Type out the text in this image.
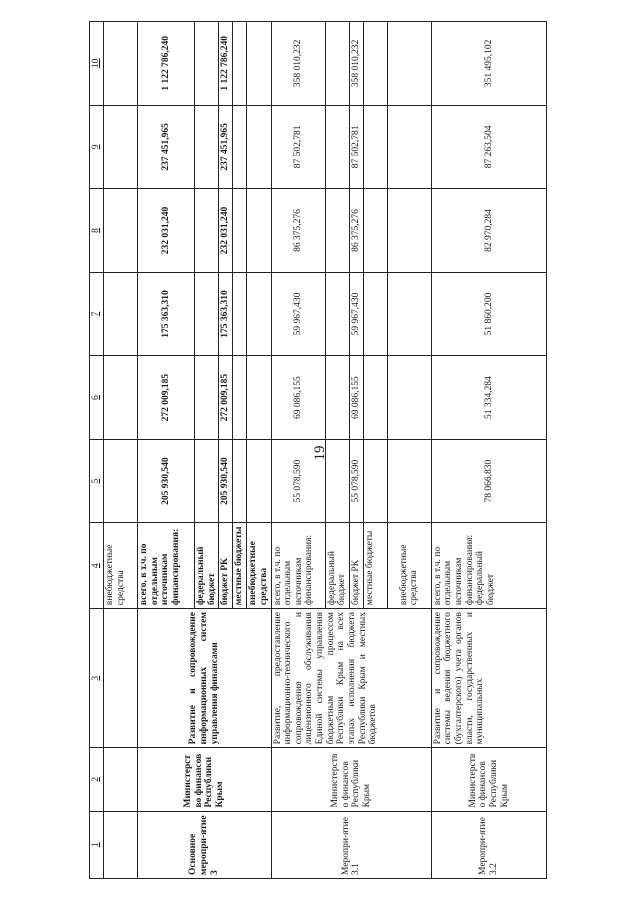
19
1	2	3	4	5	6	7	8	9	10
			внебюджетные средства						
Основное меропри-ятие 3	Министерство финансов Республики Крым	Развитие и сопровождение информационных систем управления финансами	всего, в т.ч. по отдельным источникам финансирования:	205 930,540	272 009,185	175 363,310	232 031,240	237 451,965	1 122 786,240
			федеральный бюджет						
			бюджет РК	205 930,540	272 009,185	175 363,310	232 031,240	237 451,965	1 122 786,240
			местные бюджеты						
			внебюджетные средства						
Меропри-ятие 3.1	Министерство финансов Республики Крым	Развитие, предоставление информационно-технического сопровождения и лицензионного обслуживания Единой системы управления бюджетным процессом Республики Крым на всех этапах исполнения бюджета Республики Крым и местных бюджетов	всего, в т.ч. по отдельным источникам финансирования:	55 078,590	69 086,155	59 967,430	86 375,276	87 502,781	358 010,232
			федеральный бюджет						
			бюджет РК	55 078,590	69 086,155	59 967,430	86 375,276	87 502,781	358 010,232
			местные бюджеты						
			внебюджетные средства						
Меропри-ятие 3.2	Министерство финансов Республики Крым	Развитие и сопровождение системы ведения бюджетного (бухгалтерского) учета органов власти, государственных и муниципальных	всего, в т.ч. по отдельным источникам финансирования: федеральный бюджет	78 066,830	51 334,284	51 860,200	82 970,284	87 263,504	351 495,102
